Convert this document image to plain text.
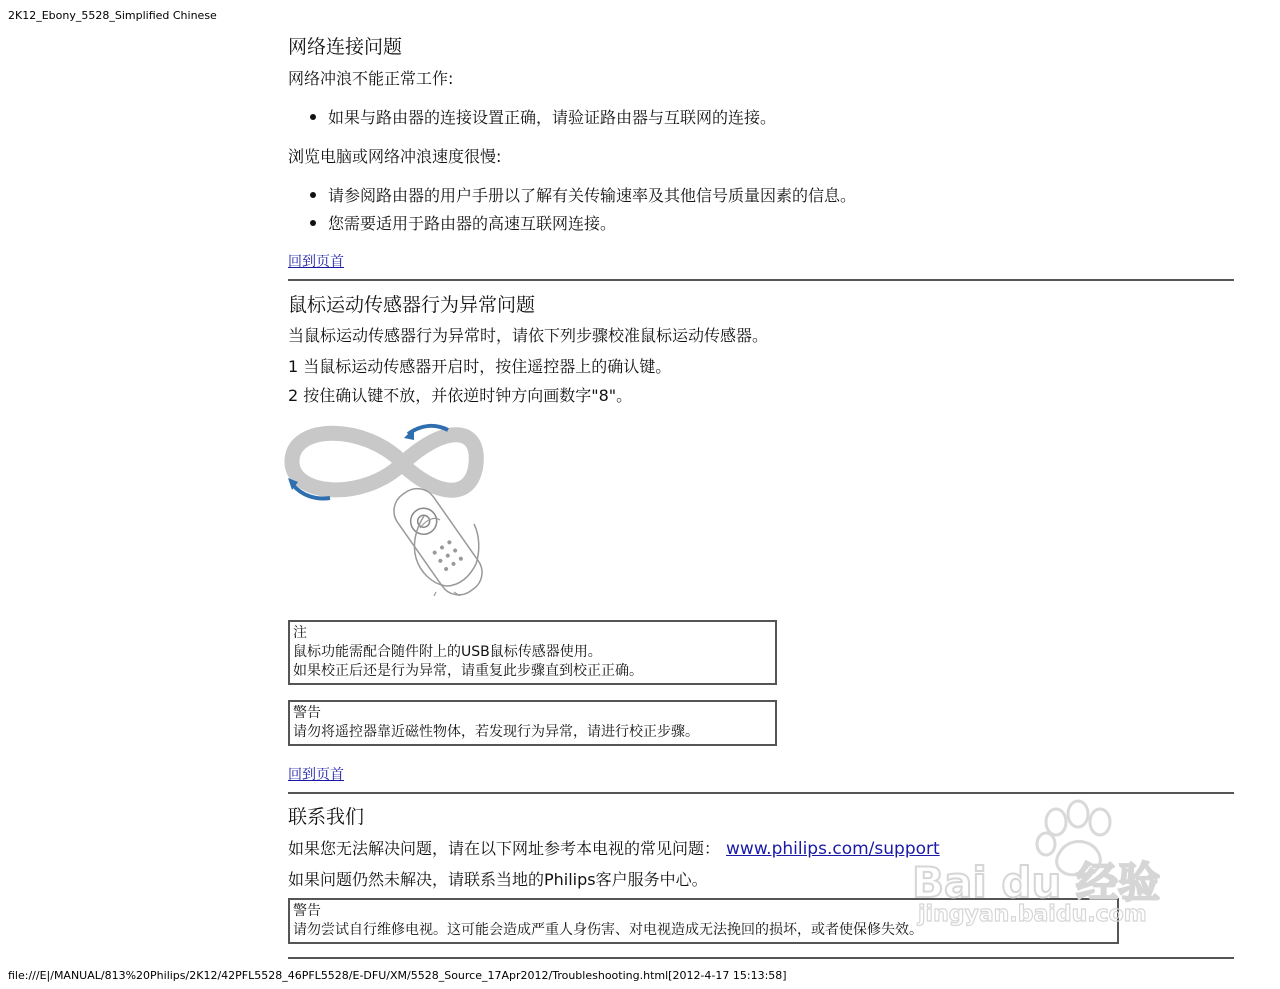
2K12_Ebony_5528_Simplified Chinese
网络连接问题
网络冲浪不能正常工作:
如果与路由器的连接设置正确，请验证路由器与互联网的连接。
浏览电脑或网络冲浪速度很慢:
请参阅路由器的用户手册以了解有关传输速率及其他信号质量因素的信息。
您需要适用于路由器的高速互联网连接。
回到页首
鼠标运动传感器行为异常问题
当鼠标运动传感器行为异常时，请依下列步骤校准鼠标运动传感器。
1 当鼠标运动传感器开启时，按住遥控器上的确认键。
2 按住确认键不放，并依逆时钟方向画数字"8"。
注
鼠标功能需配合随件附上的USB鼠标传感器使用。
如果校正后还是行为异常，请重复此步骤直到校正正确。
警告
请勿将遥控器靠近磁性物体，若发现行为异常，请进行校正步骤。
回到页首
联系我们
如果您无法解决问题，请在以下网址参考本电视的常见问题： www.philips.com/support
如果问题仍然未解决，请联系当地的Philips客户服务中心。
警告
请勿尝试自行维修电视。这可能会造成严重人身伤害、对电视造成无法挽回的损坏，或者使保修失效。
Bai du 经验
jingyan.baidu.com
file:///E|/MANUAL/813%20Philips/2K12/42PFL5528_46PFL5528/E-DFU/XM/5528_Source_17Apr2012/Troubleshooting.html[2012-4-17 15:13:58]
